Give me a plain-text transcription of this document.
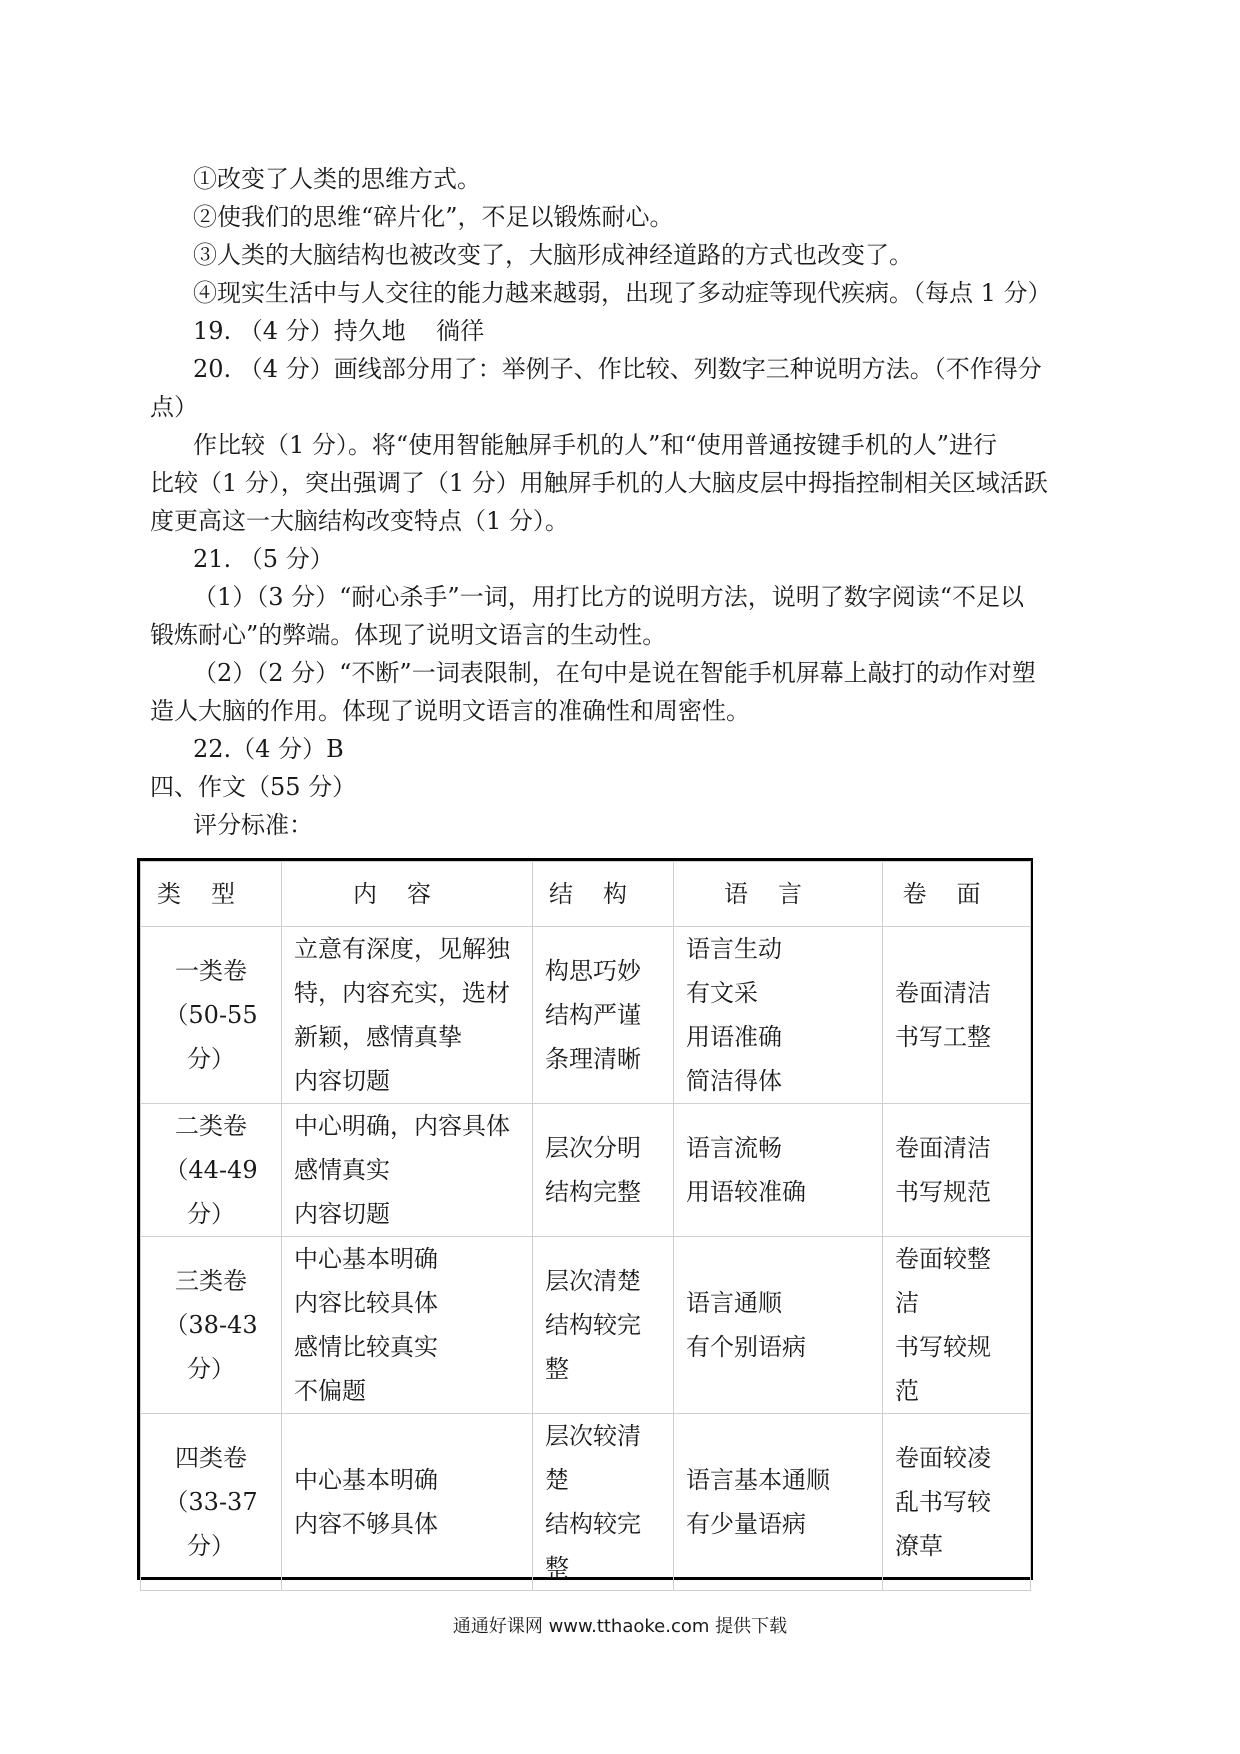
①改变了人类的思维方式。
②使我们的思维“碎片化”，不足以锻炼耐心。
③人类的大脑结构也被改变了，大脑形成神经道路的方式也改变了。
④现实生活中与人交往的能力越来越弱，出现了多动症等现代疾病。（每点 1 分）
19. （4 分）持久地    徜徉
20. （4 分）画线部分用了：举例子、作比较、列数字三种说明方法。（不作得分
点）
作比较（1 分）。将“使用智能触屏手机的人”和“使用普通按键手机的人”进行
比较（1 分），突出强调了（1 分）用触屏手机的人大脑皮层中拇指控制相关区域活跃
度更高这一大脑结构改变特点（1 分）。
21. （5 分）
（1）（3 分）“耐心杀手”一词，用打比方的说明方法，说明了数字阅读“不足以
锻炼耐心”的弊端。体现了说明文语言的生动性。
（2）（2 分）“不断”一词表限制，在句中是说在智能手机屏幕上敲打的动作对塑
造人大脑的作用。体现了说明文语言的准确性和周密性。
22.（4 分）B
四、作文（55 分）
评分标准：
类型	内容	结构	语言	卷面

一类卷
（50-55
分）	立意有深度，见解独
特，内容充实，选材
新颖，感情真挚
内容切题	构思巧妙
结构严谨
条理清晰	语言生动
有文采
用语准确
简洁得体	卷面清洁
书写工整

二类卷
（44-49
分）	中心明确，内容具体
感情真实
内容切题	层次分明
结构完整	语言流畅
用语较准确	卷面清洁
书写规范

三类卷
（38-43
分）	中心基本明确
内容比较具体
感情比较真实
不偏题	层次清楚
结构较完
整	语言通顺
有个别语病	卷面较整
洁
书写较规
范

四类卷
（33-37
分）	中心基本明确
内容不够具体	层次较清
楚
结构较完
整	语言基本通顺
有少量语病	卷面较凌
乱书写较
潦草
通通好课网 www.tthaoke.com 提供下载
